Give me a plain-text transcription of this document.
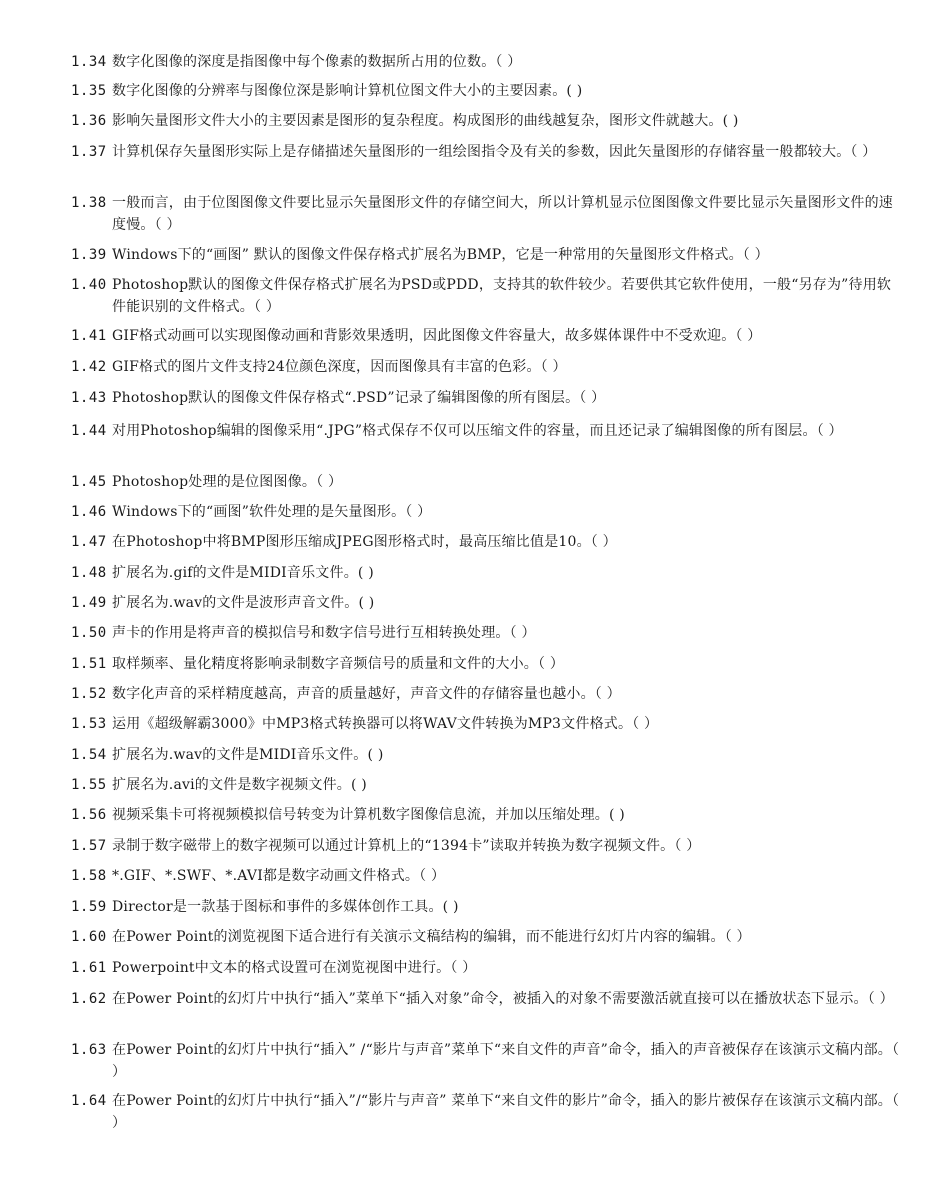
1.34 数字化图像的深度是指图像中每个像素的数据所占用的位数。（ ）
1.35 数字化图像的分辨率与图像位深是影响计算机位图文件大小的主要因素。( )
1.36 影响矢量图形文件大小的主要因素是图形的复杂程度。构成图形的曲线越复杂，图形文件就越大。( )
1.37 计算机保存矢量图形实际上是存储描述矢量图形的一组绘图指令及有关的参数，因此矢量图形的存储容量一般都较大。（ ）
1.38 一般而言，由于位图图像文件要比显示矢量图形文件的存储空间大，所以计算机显示位图图像文件要比显示矢量图形文件的速度慢。（ ）
1.39 Windows下的“画图” 默认的图像文件保存格式扩展名为BMP，它是一种常用的矢量图形文件格式。（ ）
1.40 Photoshop默认的图像文件保存格式扩展名为PSD或PDD，支持其的软件较少。若要供其它软件使用，一般“另存为”待用软件能识别的文件格式。（ ）
1.41 GIF格式动画可以实现图像动画和背影效果透明，因此图像文件容量大，故多媒体课件中不受欢迎。（ ）
1.42 GIF格式的图片文件支持24位颜色深度，因而图像具有丰富的色彩。（ ）
1.43 Photoshop默认的图像文件保存格式“.PSD”记录了编辑图像的所有图层。（ ）
1.44 对用Photoshop编辑的图像采用“.JPG”格式保存不仅可以压缩文件的容量，而且还记录了编辑图像的所有图层。（ ）
1.45 Photoshop处理的是位图图像。（ ）
1.46 Windows下的“画图”软件处理的是矢量图形。（ ）
1.47 在Photoshop中将BMP图形压缩成JPEG图形格式时，最高压缩比值是10。（ ）
1.48 扩展名为.gif的文件是MIDI音乐文件。( )
1.49 扩展名为.wav的文件是波形声音文件。( )
1.50 声卡的作用是将声音的模拟信号和数字信号进行互相转换处理。（ ）
1.51 取样频率、量化精度将影响录制数字音频信号的质量和文件的大小。（ ）
1.52 数字化声音的采样精度越高，声音的质量越好，声音文件的存储容量也越小。（ ）
1.53 运用《超级解霸3000》中MP3格式转换器可以将WAV文件转换为MP3文件格式。（ ）
1.54 扩展名为.wav的文件是MIDI音乐文件。( )
1.55 扩展名为.avi的文件是数字视频文件。( )
1.56 视频采集卡可将视频模拟信号转变为计算机数字图像信息流，并加以压缩处理。( )
1.57 录制于数字磁带上的数字视频可以通过计算机上的“1394卡”读取并转换为数字视频文件。（ ）
1.58 *.GIF、*.SWF、*.AVI都是数字动画文件格式。（ ）
1.59 Director是一款基于图标和事件的多媒体创作工具。( )
1.60 在Power Point的浏览视图下适合进行有关演示文稿结构的编辑，而不能进行幻灯片内容的编辑。（ ）
1.61 Powerpoint中文本的格式设置可在浏览视图中进行。（ ）
1.62 在Power Point的幻灯片中执行“插入”菜单下“插入对象”命令，被插入的对象不需要激活就直接可以在播放状态下显示。（ ）
1.63 在Power Point的幻灯片中执行“插入” /“影片与声音”菜单下“来自文件的声音”命令，插入的声音被保存在该演示文稿内部。（ ）
1.64 在Power Point的幻灯片中执行“插入”/“影片与声音” 菜单下“来自文件的影片”命令，插入的影片被保存在该演示文稿内部。（ ）
